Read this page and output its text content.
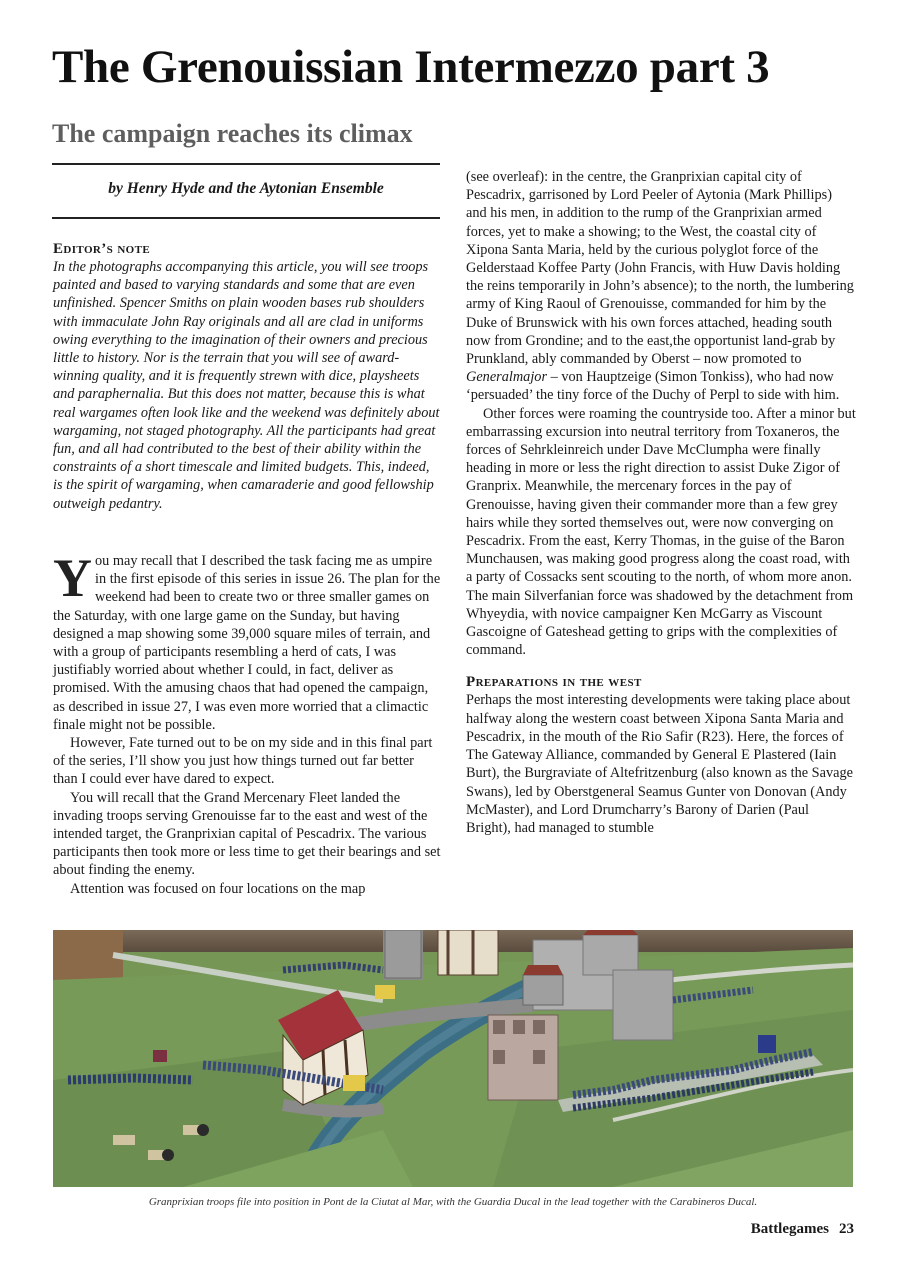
The Grenouissian Intermezzo part 3
The campaign reaches its climax
by Henry Hyde and the Aytonian Ensemble
Editor’s note

In the photographs accompanying this article, you will see troops painted and based to varying standards and some that are even unfinished. Spencer Smiths on plain wooden bases rub shoulders with immaculate John Ray originals and all are clad in uniforms owing everything to the imagination of their owners and precious little to history. Nor is the terrain that you will see of award-winning quality, and it is frequently strewn with dice, playsheets and paraphernalia. But this does not matter, because this is what real wargames often look like and the weekend was definitely about wargaming, not staged photography. All the participants had great fun, and all had contributed to the best of their ability within the constraints of a short timescale and limited budgets. This, indeed, is the spirit of wargaming, when camaraderie and good fellowship outweigh pedantry.

You may recall that I described the task facing me as umpire in the first episode of this series in issue 26. The plan for the weekend had been to create two or three smaller games on the Saturday, with one large game on the Sunday, but having designed a map showing some 39,000 square miles of terrain, and with a group of participants resembling a herd of cats, I was justifiably worried about whether I could, in fact, deliver as promised. With the amusing chaos that had opened the campaign, as described in issue 27, I was even more worried that a climactic finale might not be possible.

However, Fate turned out to be on my side and in this final part of the series, I’ll show you just how things turned out far better than I could ever have dared to expect.

You will recall that the Grand Mercenary Fleet landed the invading troops serving Grenouisse far to the east and west of the intended target, the Granprixian capital of Pescadrix. The various participants then took more or less time to get their bearings and set about finding the enemy.

Attention was focused on four locations on the map

(see overleaf): in the centre, the Granprixian capital city of Pescadrix, garrisoned by Lord Peeler of Aytonia (Mark Phillips) and his men, in addition to the rump of the Granprixian armed forces, yet to make a showing; to the West, the coastal city of Xipona Santa Maria, held by the curious polyglot force of the Gelderstaad Koffee Party (John Francis, with Huw Davis holding the reins temporarily in John’s absence); to the north, the lumbering army of King Raoul of Grenouisse, commanded for him by the Duke of Brunswick with his own forces attached, heading south now from Grondine; and to the east,the opportunist land-grab by Prunkland, ably commanded by Oberst – now promoted to Generalmajor – von Hauptzeige (Simon Tonkiss), who had now ‘persuaded’ the tiny force of the Duchy of Perpl to side with him.

Other forces were roaming the countryside too. After a minor but embarrassing excursion into neutral territory from Toxaneros, the forces of Sehrkleinreich under Dave McClumpha were finally heading in more or less the right direction to assist Duke Zigor of Granprix. Meanwhile, the mercenary forces in the pay of Grenouisse, having given their commander more than a few grey hairs while they sorted themselves out, were now converging on Pescadrix. From the east, Kerry Thomas, in the guise of the Baron Munchausen, was making good progress along the coast road, with a party of Cossacks sent scouting to the north, of whom more anon. The main Silverfanian force was shadowed by the detachment from Whyeydia, with novice campaigner Ken McGarry as Viscount Gascoigne of Gateshead getting to grips with the complexities of command.

Preparations in the west

Perhaps the most interesting developments were taking place about halfway along the western coast between Xipona Santa Maria and Pescadrix, in the mouth of the Rio Safir (R23). Here, the forces of The Gateway Alliance, commanded by General E Plastered (Iain Burt), the Burgraviate of Altefritzenburg (also known as the Savage Swans), led by Oberstgeneral Seamus Gunter von Donovan (Andy McMaster), and Lord Drumcharry’s Barony of Darien (Paul Bright), had managed to stumble

Granprixian troops file into position in Pont de la Ciutat al Mar, with the Guardia Ducal in the lead together with the Carabineros Ducal.
Battlegames 23
